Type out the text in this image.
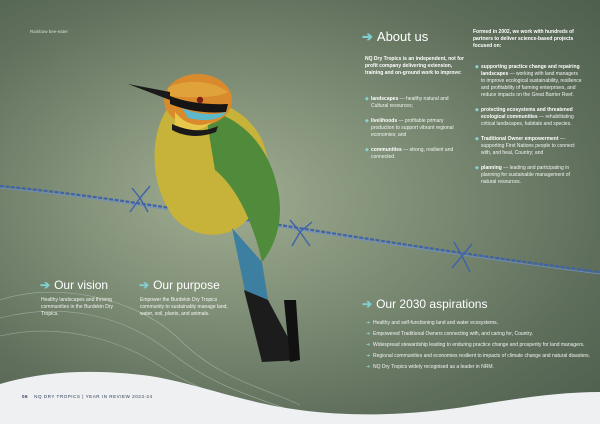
Rainbow bee-eater	➔ About us
NQ Dry Tropics is an independent, not for profit company delivering extension, training and on-ground work to improve:
◆ landscapes — healthy natural and Cultural resources;
◆ livelihoods — profitable primary production to support vibrant regional economies; and
◆ communities — strong, resilient and connected.
Formed in 2002, we work with hundreds of partners to deliver science-based projects focused on:
◆ supporting practice change and repairing landscapes — working with land managers to improve ecological sustainability, resilience and profitability of farming enterprises, and reduce impacts on the Great Barrier Reef.
◆ protecting ecosystems and threatened ecological communities — rehabilitating critical landscapes, habitats and species.
◆ Traditional Owner empowerment — supporting First Nations people to connect with, and heal, Country; and
◆ planning — leading and participating in planning for sustainable management of natural resources.
➔ Our vision
Healthy landscapes and thriving communities in the Burdekin Dry Tropics.
➔ Our purpose
Empower the Burdekin Dry Tropics community to sustainably manage land, water, soil, plants, and animals.
➔ Our 2030 aspirations
➔ Healthy and self-functioning land and water ecosystems.
➔ Empowered Traditional Owners connecting with, and caring for, Country.
➔ Widespread stewardship leading to enduring practice change and prosperity for land managers.
➔ Regional communities and economies resilient to impacts of climate change and natural disasters.
➔ NQ Dry Tropics widely recognised as a leader in NRM.
06 NQ DRY TROPICS | YEAR IN REVIEW 2023-24
